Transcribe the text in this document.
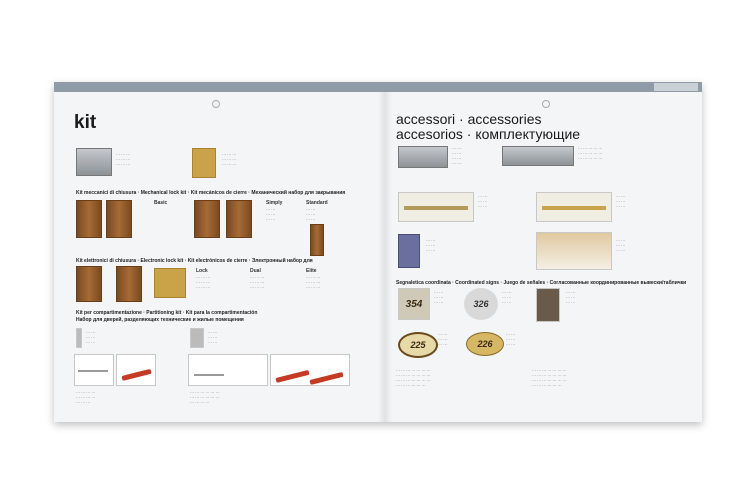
kit
··· ··· ···
··· ··· ···
··· ··· ···
··· ··· ···
··· ··· ···
··· ··· ···
Kit meccanici di chiusura · Mechanical lock kit · Kit mecánicos de cierre · Механический набор для закрывания
Basic	Simply
··· ···
··· ···
··· ···
Standard
··· ···
··· ···
··· ···
Kit elettronici di chiusura · Electronic lock kit · Kit electrónicos de cierre · Электронный набор для
Lock
··· ··· ···
··· ··· ···
··· ··· ···
Dual
··· ··· ···
··· ··· ···
··· ··· ···
Elite
··· ··· ···
··· ··· ···
··· ··· ···
Kit per compartimentazione · Partitioning kit · Kit para la compartimentación
Набор для дверей, разделяющих технические и жилые помещения
··· ···
··· ···
··· ···
··· ···
··· ···
··· ···
··· ··· ··· ···
··· ··· ··· ···
··· ··· ···
··· ··· ··· ··· ··· ···
··· ··· ··· ··· ··· ···
··· ··· ··· ···
accessori · accessories
accesorios · комплектующие
··· ···
··· ···
··· ···
··· ···
··· ··· ··· ··· ···
··· ··· ··· ··· ···
··· ··· ··· ··· ···
··· ···
··· ···
··· ···
··· ···
··· ···
··· ···
··· ···
··· ···
··· ···
··· ···
··· ···
··· ···
Segnaletica coordinata · Coordinated signs · Juego de señales · Согласованные координированные вывески/таблички
354
··· ···
··· ···
··· ···	326
··· ···
··· ···
··· ···
··· ···
··· ···
··· ···
225
··· ···
··· ···
··· ···	226
··· ···
··· ···
··· ···
··· ··· ··· ··· ··· ··· ···
··· ··· ··· ··· ··· ··· ···
··· ··· ··· ··· ··· ··· ···
··· ··· ··· ··· ··· ···
··· ··· ··· ··· ··· ··· ···
··· ··· ··· ··· ··· ··· ···
··· ··· ··· ··· ··· ··· ···
··· ··· ··· ··· ··· ···
